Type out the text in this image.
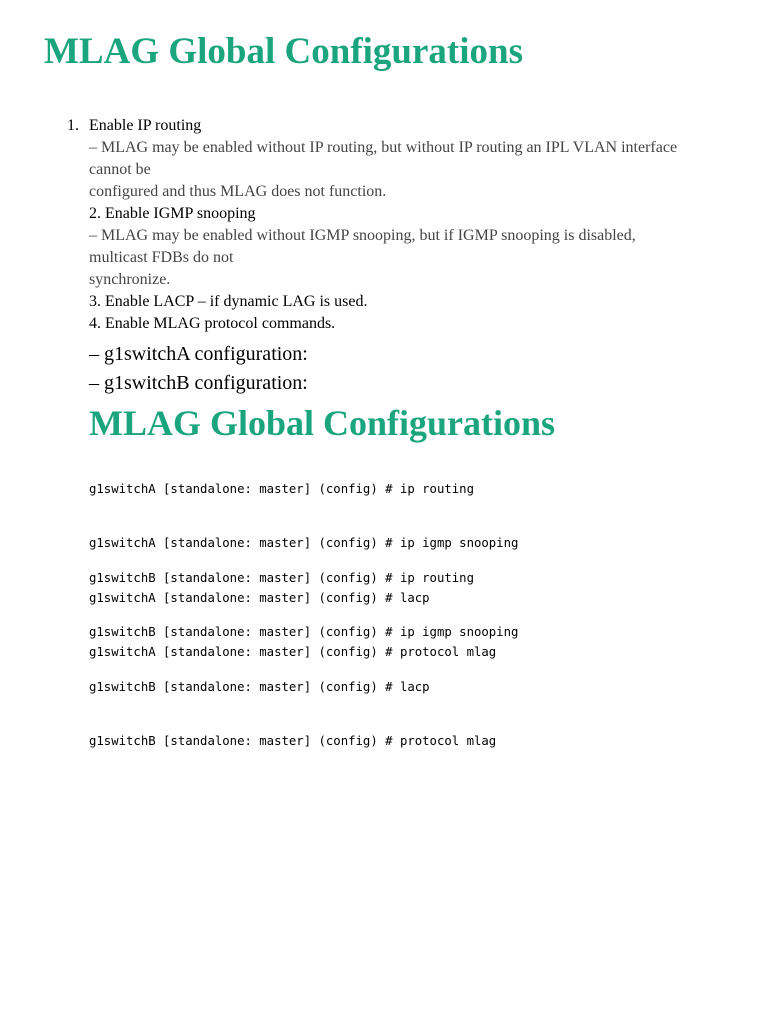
MLAG Global Configurations
1. Enable IP routing
– MLAG may be enabled without IP routing, but without IP routing an IPL VLAN interface
cannot be
configured and thus MLAG does not function.
2. Enable IGMP snooping
– MLAG may be enabled without IGMP snooping, but if IGMP snooping is disabled,
multicast FDBs do not
synchronize.
3. Enable LACP – if dynamic LAG is used.
4. Enable MLAG protocol commands.
– g1switchA configuration:
– g1switchB configuration:
MLAG Global Configurations

g1switchA [standalone: master] (config) # ip routing

g1switchA [standalone: master] (config) # ip igmp snooping

g1switchA [standalone: master] (config) # lacp

g1switchA [standalone: master] (config) # protocol mlag

g1switchB [standalone: master] (config) # ip routing

g1switchB [standalone: master] (config) # ip igmp snooping

g1switchB [standalone: master] (config) # lacp

g1switchB [standalone: master] (config) # protocol mlag
